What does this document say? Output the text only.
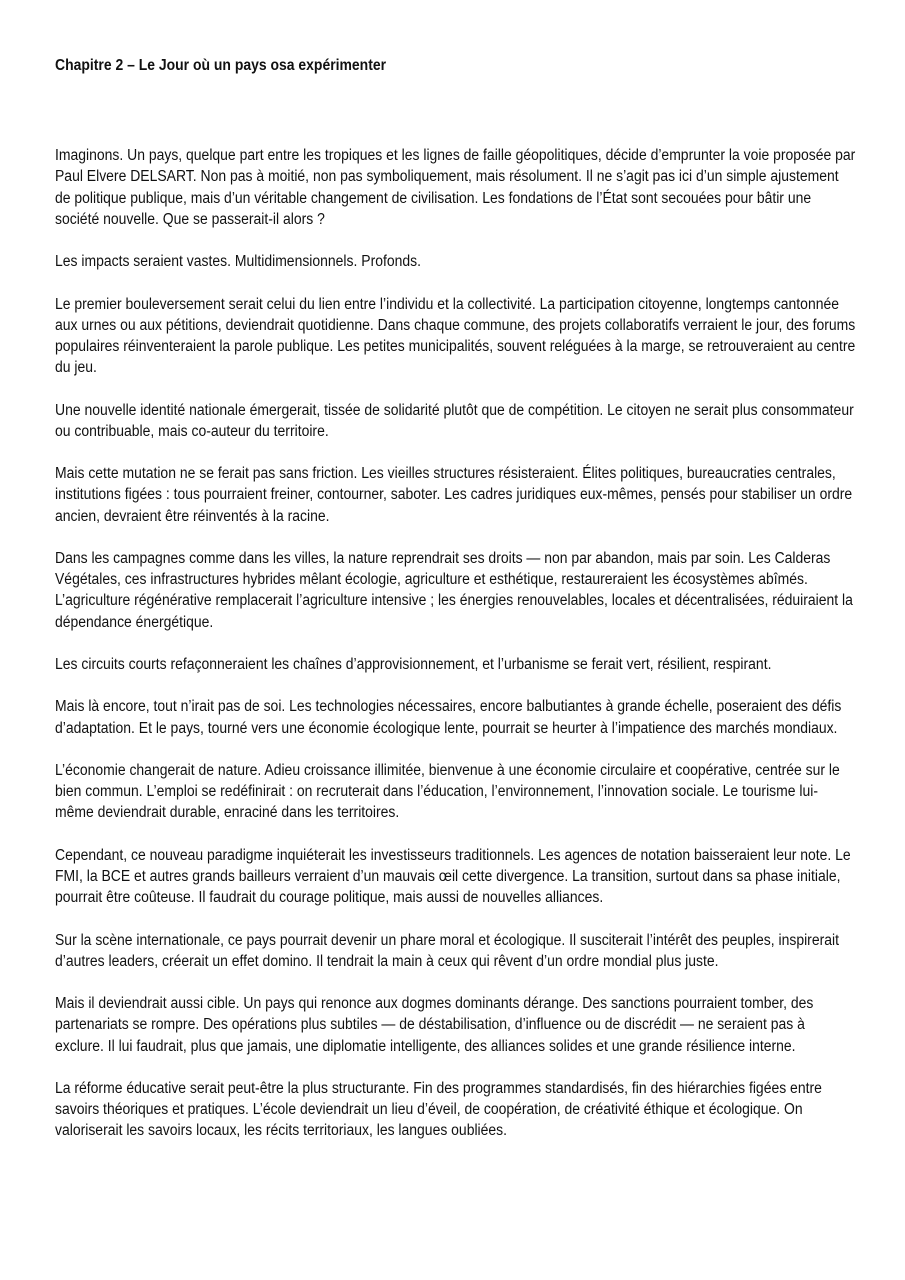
Chapitre 2 – Le Jour où un pays osa expérimenter

Imaginons. Un pays, quelque part entre les tropiques et les lignes de faille géopolitiques, décide d’emprunter la voie proposée par Paul Elvere DELSART. Non pas à moitié, non pas symboliquement, mais résolument. Il ne s’agit pas ici d’un simple ajustement de politique publique, mais d’un véritable changement de civilisation. Les fondations de l’État sont secouées pour bâtir une société nouvelle. Que se passerait-il alors ?

Les impacts seraient vastes. Multidimensionnels. Profonds.

Le premier bouleversement serait celui du lien entre l’individu et la collectivité. La participation citoyenne, longtemps cantonnée aux urnes ou aux pétitions, deviendrait quotidienne. Dans chaque commune, des projets collaboratifs verraient le jour, des forums populaires réinventeraient la parole publique. Les petites municipalités, souvent reléguées à la marge, se retrouveraient au centre du jeu.

Une nouvelle identité nationale émergerait, tissée de solidarité plutôt que de compétition. Le citoyen ne serait plus consommateur ou contribuable, mais co-auteur du territoire.

Mais cette mutation ne se ferait pas sans friction. Les vieilles structures résisteraient. Élites politiques, bureaucraties centrales, institutions figées : tous pourraient freiner, contourner, saboter. Les cadres juridiques eux-mêmes, pensés pour stabiliser un ordre ancien, devraient être réinventés à la racine.

Dans les campagnes comme dans les villes, la nature reprendrait ses droits — non par abandon, mais par soin. Les Calderas Végétales, ces infrastructures hybrides mêlant écologie, agriculture et esthétique, restaureraient les écosystèmes abîmés. L’agriculture régénérative remplacerait l’agriculture intensive ; les énergies renouvelables, locales et décentralisées, réduiraient la dépendance énergétique.

Les circuits courts refaçonneraient les chaînes d’approvisionnement, et l’urbanisme se ferait vert, résilient, respirant.

Mais là encore, tout n’irait pas de soi. Les technologies nécessaires, encore balbutiantes à grande échelle, poseraient des défis d’adaptation. Et le pays, tourné vers une économie écologique lente, pourrait se heurter à l’impatience des marchés mondiaux.

L’économie changerait de nature. Adieu croissance illimitée, bienvenue à une économie circulaire et coopérative, centrée sur le bien commun. L’emploi se redéfinirait : on recruterait dans l’éducation, l’environnement, l’innovation sociale. Le tourisme lui-même deviendrait durable, enraciné dans les territoires.

Cependant, ce nouveau paradigme inquiéterait les investisseurs traditionnels. Les agences de notation baisseraient leur note. Le FMI, la BCE et autres grands bailleurs verraient d’un mauvais œil cette divergence. La transition, surtout dans sa phase initiale, pourrait être coûteuse. Il faudrait du courage politique, mais aussi de nouvelles alliances.

Sur la scène internationale, ce pays pourrait devenir un phare moral et écologique. Il susciterait l’intérêt des peuples, inspirerait d’autres leaders, créerait un effet domino. Il tendrait la main à ceux qui rêvent d’un ordre mondial plus juste.

Mais il deviendrait aussi cible. Un pays qui renonce aux dogmes dominants dérange. Des sanctions pourraient tomber, des partenariats se rompre. Des opérations plus subtiles — de déstabilisation, d’influence ou de discrédit — ne seraient pas à exclure. Il lui faudrait, plus que jamais, une diplomatie intelligente, des alliances solides et une grande résilience interne.

La réforme éducative serait peut-être la plus structurante. Fin des programmes standardisés, fin des hiérarchies figées entre savoirs théoriques et pratiques. L’école deviendrait un lieu d’éveil, de coopération, de créativité éthique et écologique. On valoriserait les savoirs locaux, les récits territoriaux, les langues oubliées.
